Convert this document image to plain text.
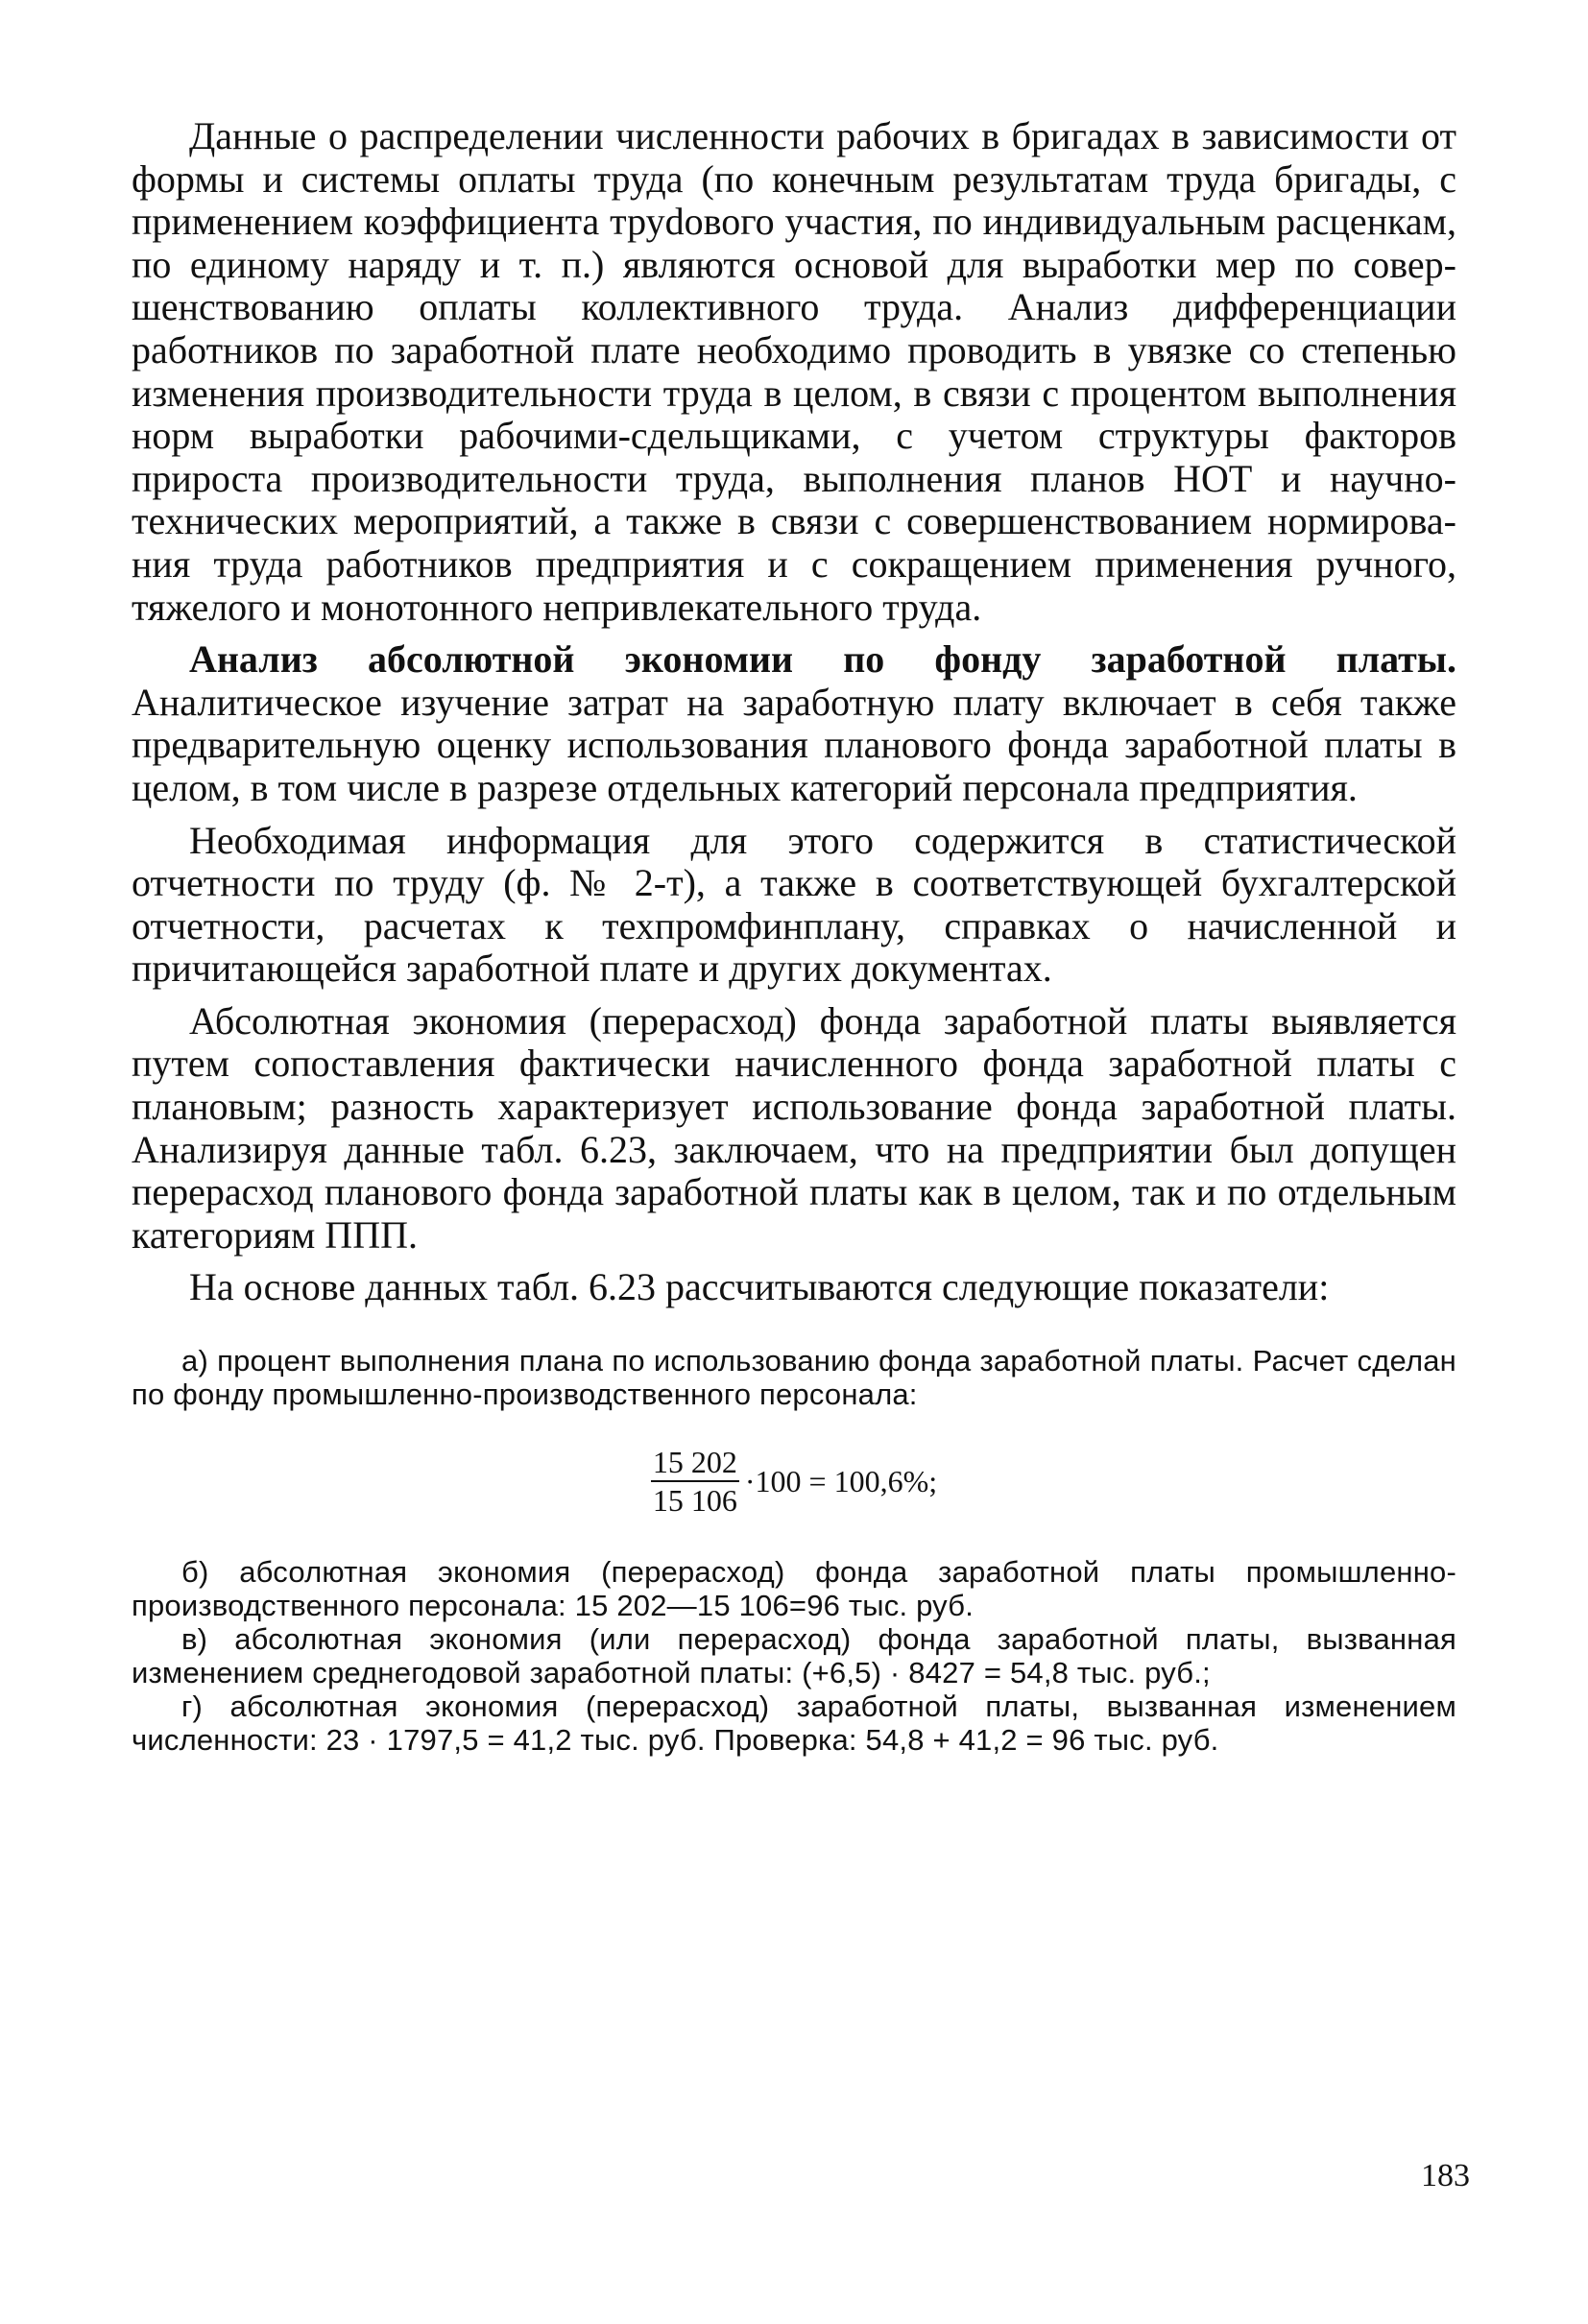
Данные о распределении численности рабочих в бригадах в зависимости от формы и системы оплаты труда (по конечным результатам труда бригады, с применением коэффициента труdового участия, по индивидуальным расценкам, по единому наряду и т. п.) являются основой для выработки мер по совершенствованию оплаты коллективного труда. Анализ дифференциации работников по заработной плате необходимо проводить в увязке со степенью изменения производительности труда в целом, в связи с процентом выполнения норм выработки рабочими-сдельщиками, с учетом структуры факторов прироста производительности труда, выполнения планов НОТ и научно-технических мероприятий, а также в связи с совершенствованием нормирования труда работников предприятия и с сокращением применения ручного, тяжелого и монотонного непривлекательного труда.

Анализ абсолютной экономии по фонду заработной платы. Аналитическое изучение затрат на заработную плату включает в себя также предварительную оценку использования планового фонда заработной платы в целом, в том числе в разрезе отдельных категорий персонала предприятия.

Необходимая информация для этого содержится в статистической отчетности по труду (ф. № 2-т), а также в соответствующей бухгалтерской отчетности, расчетах к техпромфинплану, справках о начисленной и причитающейся заработной плате и других документах.

Абсолютная экономия (перерасход) фонда заработной платы выявляется путем сопоставления фактически начисленного фонда заработной платы с плановым; разность характеризует использование фонда заработной платы. Анализируя данные табл. 6.23, заключаем, что на предприятии был допущен перерасход планового фонда заработной платы как в целом, так и по отдельным категориям ППП.

На основе данных табл. 6.23 рассчитываются следующие показатели:

а) процент выполнения плана по использованию фонда заработной платы. Расчет сделан по фонду промышленно-производственного персонала:

$\frac{15 202}{15 106} \cdot 100 = 100,6\%$;

б) абсолютная экономия (перерасход) фонда заработной платы промышленно-производственного персонала: 15 202—15 106=96 тыс. руб.

в) абсолютная экономия (или перерасход) фонда заработной платы, вызванная изменением среднегодовой заработной платы: (+6,5) · 8427 = 54,8 тыс. руб.;

г) абсолютная экономия (перерасход) заработной платы, вызванная изменением численности: 23 · 1797,5 = 41,2 тыс. руб. Проверка: 54,8 + 41,2 = 96 тыс. руб.

183
